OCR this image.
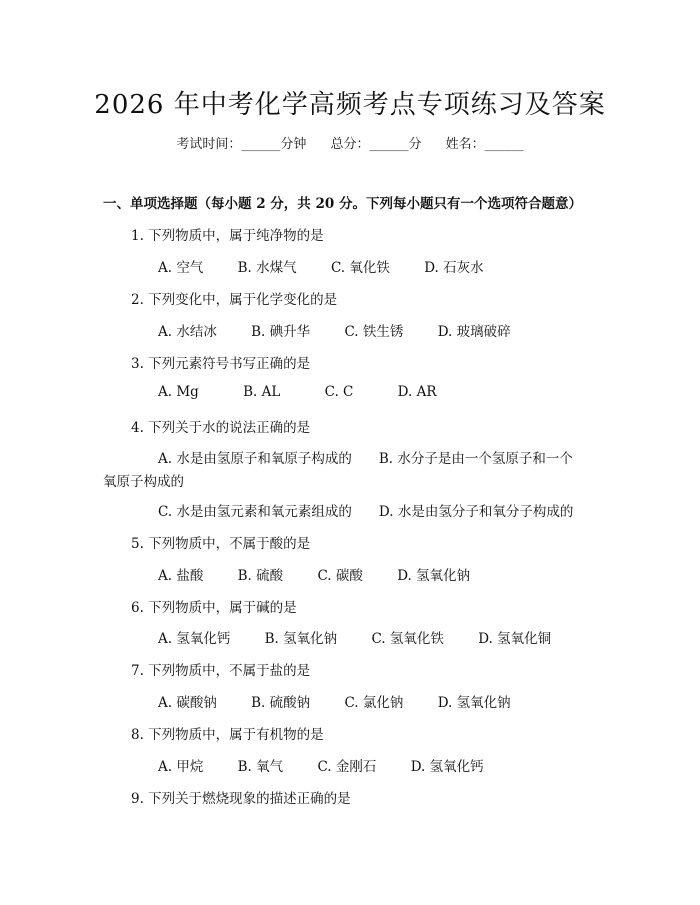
2026 年中考化学高频考点专项练习及答案
考试时间：______分钟 总分：______分 姓名：______
一、单项选择题（每小题 2 分，共 20 分。下列每小题只有一个选项符合题意）
1. 下列物质中，属于纯净物的是
A. 空气	B. 水煤气	C. 氧化铁	D. 石灰水
2. 下列变化中，属于化学变化的是
A. 水结冰	B. 碘升华	C. 铁生锈	D. 玻璃破碎
3. 下列元素符号书写正确的是
A. Mg	B. AL	C. C	D. AR
4. 下列关于水的说法正确的是
A. 水是由氢原子和氧原子构成的　　B. 水分子是由一个氢原子和一个
氧原子构成的
C. 水是由氢元素和氧元素组成的　　D. 水是由氢分子和氧分子构成的
5. 下列物质中，不属于酸的是
A. 盐酸	B. 硫酸	C. 碳酸	D. 氢氧化钠
6. 下列物质中，属于碱的是
A. 氢氧化钙	B. 氢氧化钠	C. 氢氧化铁	D. 氢氧化铜
7. 下列物质中，不属于盐的是
A. 碳酸钠	B. 硫酸钠	C. 氯化钠	D. 氢氧化钠
8. 下列物质中，属于有机物的是
A. 甲烷	B. 氧气	C. 金刚石	D. 氢氧化钙
9. 下列关于燃烧现象的描述正确的是
